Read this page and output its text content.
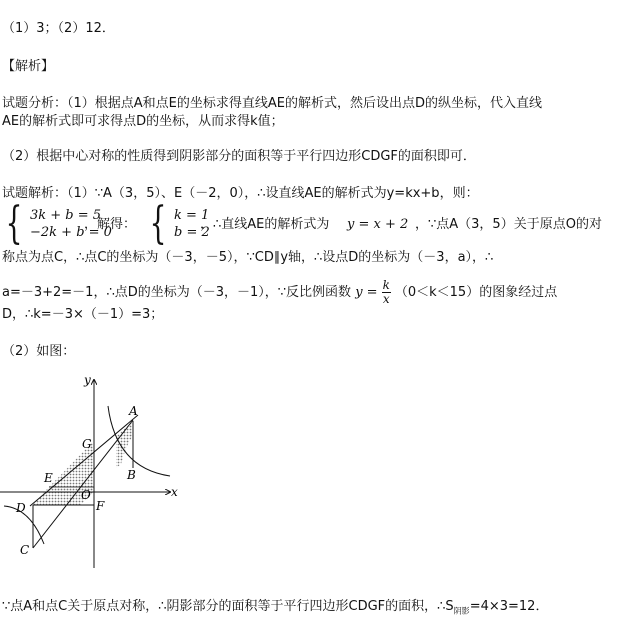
（1）3；（2）12．
【解析】
试题分析：（1）根据点A和点E的坐标求得直线AE的解析式，然后设出点D的纵坐标，代入直线
AE的解析式即可求得点D的坐标，从而求得k值；
（2）根据中心对称的性质得到阴影部分的面积等于平行四边形CDGF的面积即可．
试题解析：（1）∵A（3，5）、E（－2，0），∴设直线AE的解析式为y=kx+b，则：
{ 3k + b = 5
−2k + b = 0
，解得： { k = 1
b = 2
，∴直线AE的解析式为 y = x + 2 ，∵点A（3，5）关于原点O的对
称点为点C，∴点C的坐标为（－3，－5），∵CD∥y轴，∴设点D的坐标为（－3，a），∴
a=－3+2=－1，∴点D的坐标为（－3，－1），∵反比例函数 $y = \frac{k}{x} (0<k<15)$的图象经过点
D，∴k=－3×（－1）=3；
（2）如图：
y
x
A
G
E	B
O
D	F
C
∵点A和点C关于原点对称，∴阴影部分的面积等于平行四边形CDGF的面积，$\therefore S_{阴影}=4\times 3=12$．
